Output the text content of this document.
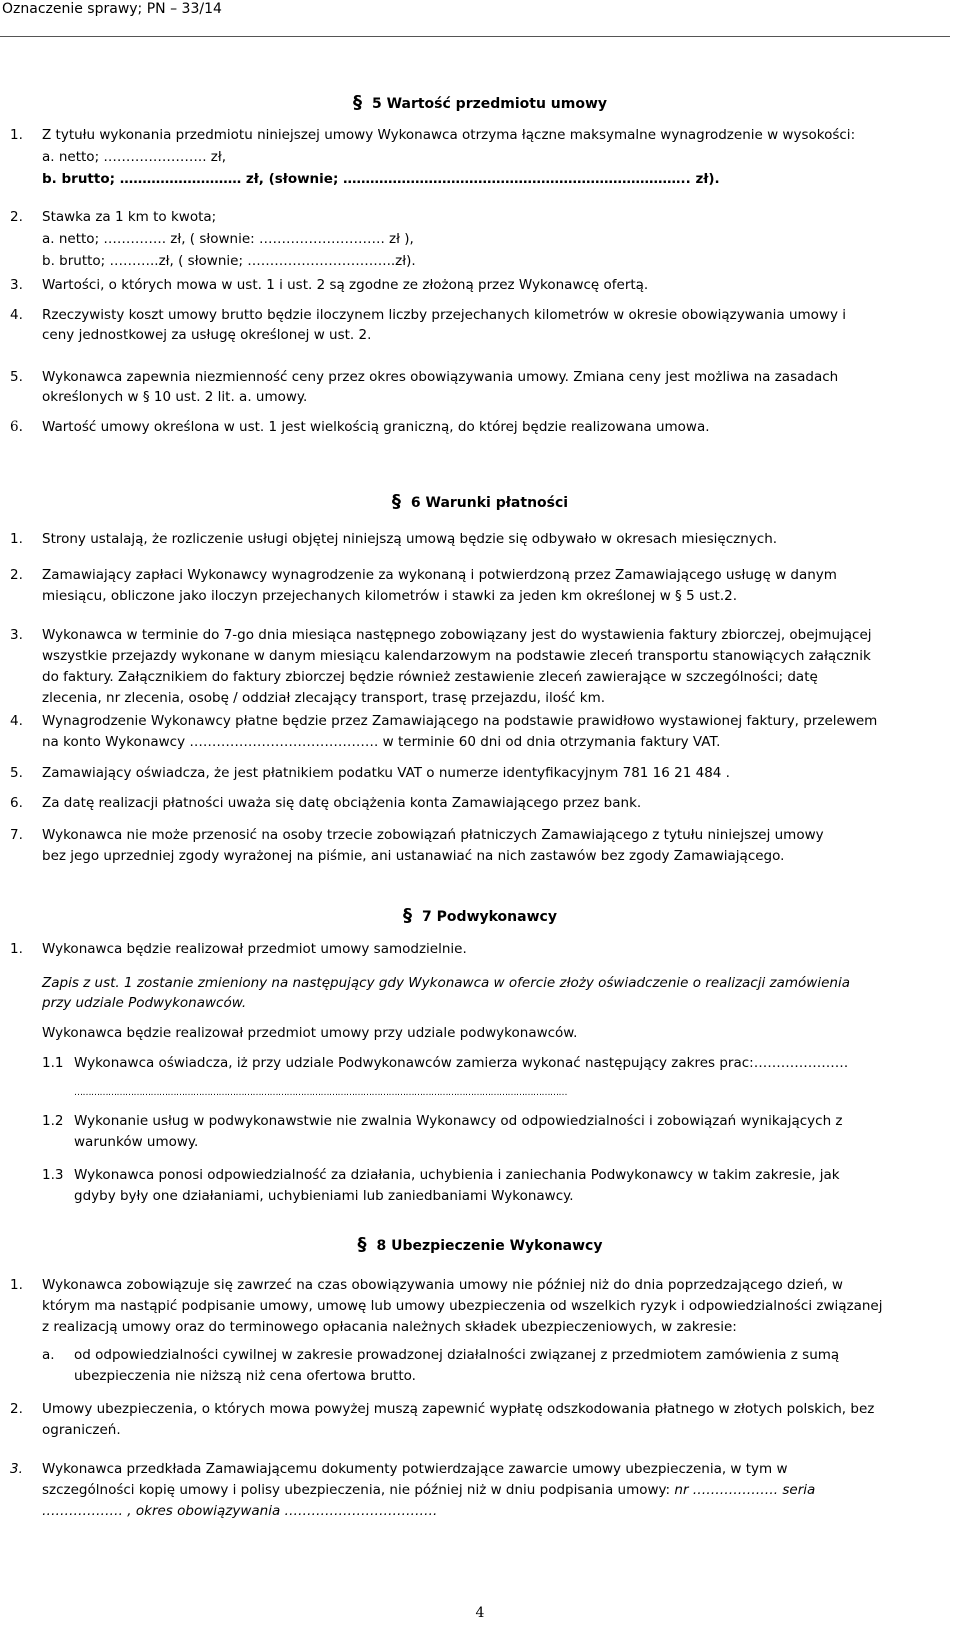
Oznaczenie sprawy; PN – 33/14
§ 5 Wartość przedmiotu umowy
1. Z tytułu wykonania przedmiotu niniejszej umowy Wykonawca otrzyma łączne maksymalne wynagrodzenie w wysokości:
a. netto; ………………….. zł,
b. brutto; ……………………… zł, (słownie; ………………………………………………………………….. zł).
2. Stawka za 1 km to kwota;
a. netto; ………….. zł, ( słownie: ………………………. zł ),
b. brutto; ………..zł, ( słownie; …………………………...zł).
3. Wartości, o których mowa w ust. 1 i ust. 2 są zgodne ze złożoną przez Wykonawcę ofertą.
4. Rzeczywisty koszt umowy brutto będzie iloczynem liczby przejechanych kilometrów w okresie obowiązywania umowy i
ceny jednostkowej za usługę określonej w ust. 2.
5. Wykonawca zapewnia niezmienność ceny przez okres obowiązywania umowy. Zmiana ceny jest możliwa na zasadach
określonych w § 10 ust. 2 lit. a. umowy.
6. Wartość umowy określona w ust. 1 jest wielkością graniczną, do której będzie realizowana umowa.
§ 6 Warunki płatności
1. Strony ustalają, że rozliczenie usługi objętej niniejszą umową będzie się odbywało w okresach miesięcznych.
2. Zamawiający zapłaci Wykonawcy wynagrodzenie za wykonaną i potwierdzoną przez Zamawiającego usługę w danym
miesiącu, obliczone jako iloczyn przejechanych kilometrów i stawki za jeden km określonej w § 5 ust.2.
3. Wykonawca w terminie do 7-go dnia miesiąca następnego zobowiązany jest do wystawienia faktury zbiorczej, obejmującej
wszystkie przejazdy wykonane w danym miesiącu kalendarzowym na podstawie zleceń transportu stanowiących załącznik
do faktury. Załącznikiem do faktury zbiorczej będzie również zestawienie zleceń zawierające w szczególności; datę
zlecenia, nr zlecenia, osobę / oddział zlecający transport, trasę przejazdu, ilość km.
4. Wynagrodzenie Wykonawcy płatne będzie przez Zamawiającego na podstawie prawidłowo wystawionej faktury, przelewem
na konto Wykonawcy …………………………………… w terminie 60 dni od dnia otrzymania faktury VAT.
5. Zamawiający oświadcza, że jest płatnikiem podatku VAT o numerze identyfikacyjnym 781 16 21 484 .
6. Za datę realizacji płatności uważa się datę obciążenia konta Zamawiającego przez bank.
7. Wykonawca nie może przenosić na osoby trzecie zobowiązań płatniczych Zamawiającego z tytułu niniejszej umowy
bez jego uprzedniej zgody wyrażonej na piśmie, ani ustanawiać na nich zastawów bez zgody Zamawiającego.
§ 7 Podwykonawcy
1. Wykonawca będzie realizował przedmiot umowy samodzielnie.
Zapis z ust. 1 zostanie zmieniony na następujący gdy Wykonawca w ofercie złoży oświadczenie o realizacji zamówienia
przy udziale Podwykonawców.
Wykonawca będzie realizował przedmiot umowy przy udziale podwykonawców.
1.1 Wykonawca oświadcza, iż przy udziale Podwykonawców zamierza wykonać następujący zakres prac:…………………
…………………………………………………………………………………………………………………………………………………………
1.2 Wykonanie usług w podwykonawstwie nie zwalnia Wykonawcy od odpowiedzialności i zobowiązań wynikających z
warunków umowy.
1.3 Wykonawca ponosi odpowiedzialność za działania, uchybienia i zaniechania Podwykonawcy w takim zakresie, jak
gdyby były one działaniami, uchybieniami lub zaniedbaniami Wykonawcy.
§ 8 Ubezpieczenie Wykonawcy
1. Wykonawca zobowiązuje się zawrzeć na czas obowiązywania umowy nie później niż do dnia poprzedzającego dzień, w
którym ma nastąpić podpisanie umowy, umowę lub umowy ubezpieczenia od wszelkich ryzyk i odpowiedzialności związanej
z realizacją umowy oraz do terminowego opłacania należnych składek ubezpieczeniowych, w zakresie:
a. od odpowiedzialności cywilnej w zakresie prowadzonej działalności związanej z przedmiotem zamówienia z sumą
ubezpieczenia nie niższą niż cena ofertowa brutto.
2. Umowy ubezpieczenia, o których mowa powyżej muszą zapewnić wypłatę odszkodowania płatnego w złotych polskich, bez
ograniczeń.
3. Wykonawca przedkłada Zamawiającemu dokumenty potwierdzające zawarcie umowy ubezpieczenia, w tym w
szczególności kopię umowy i polisy ubezpieczenia, nie później niż w dniu podpisania umowy: nr ………………. seria
……………… , okres obowiązywania …………………………….
4
